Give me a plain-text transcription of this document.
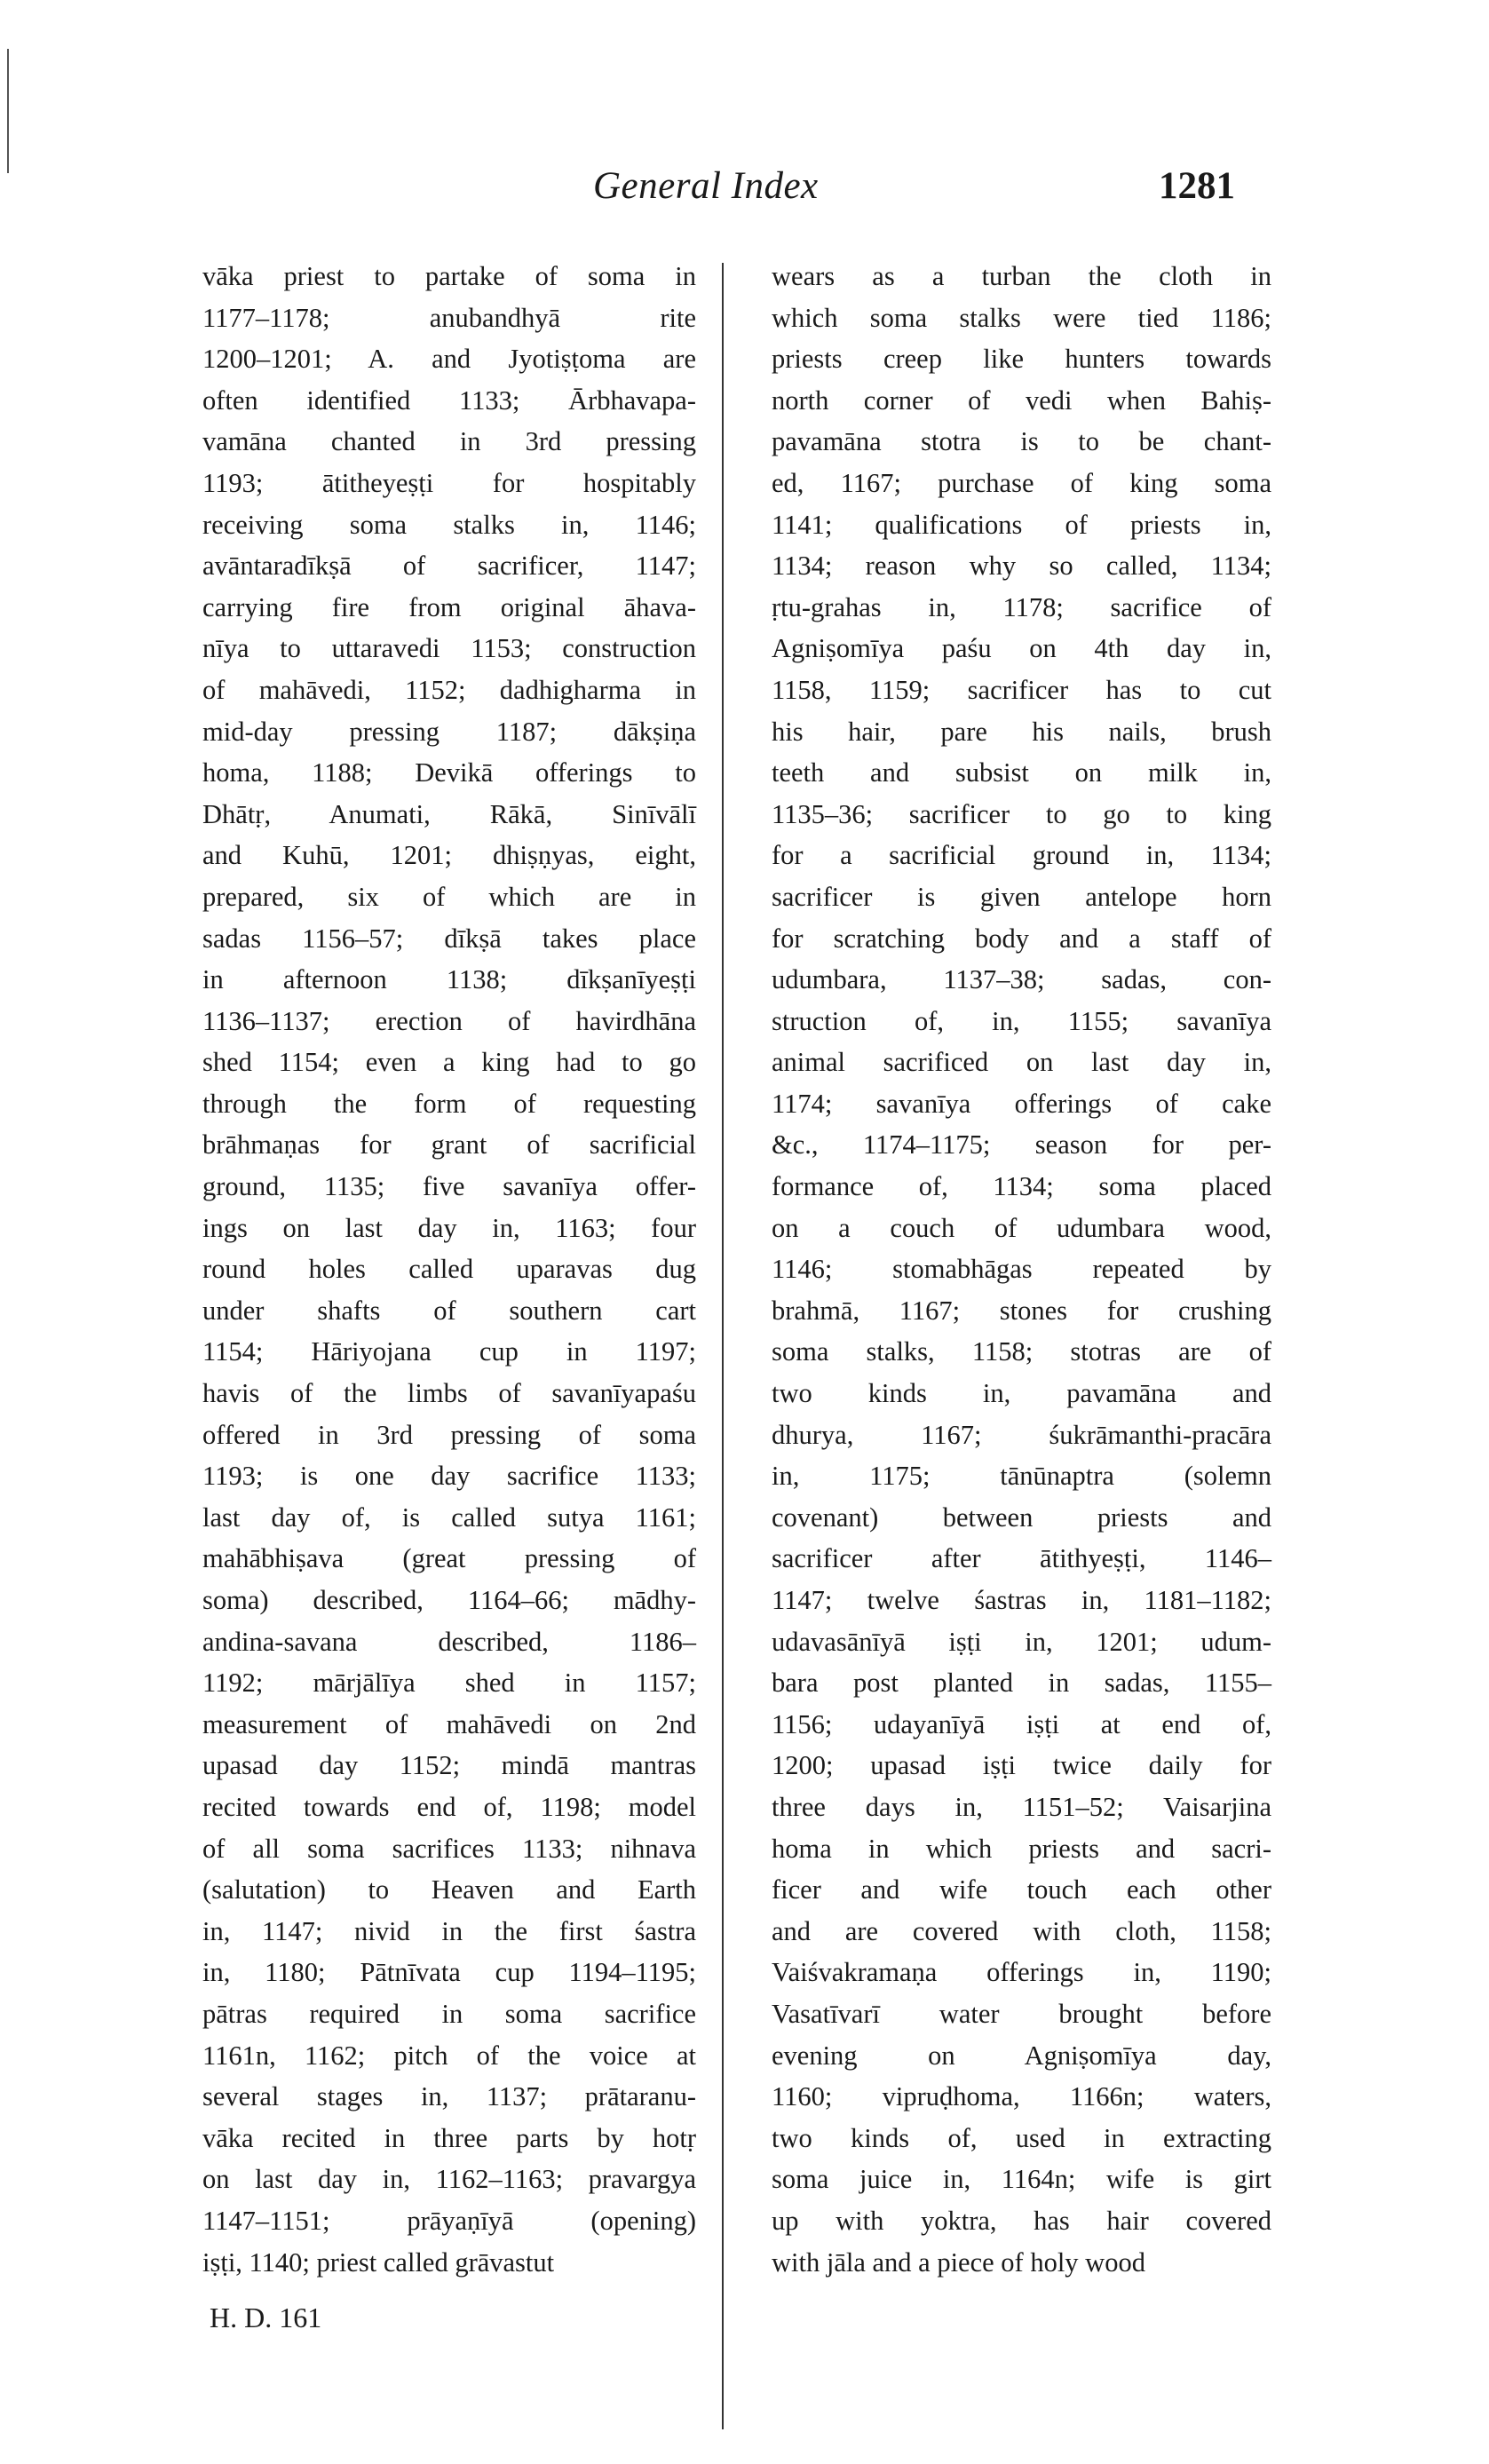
General Index	1281
vāka priest to partake of soma in
1177–1178; anubandhyā rite
1200–1201; A. and Jyotiṣṭoma are
often identified 1133; Ārbhavapa-
vamāna chanted in 3rd pressing
1193; ātitheyeṣṭi for hospitably
receiving soma stalks in, 1146;
avāntaradīkṣā of sacrificer, 1147;
carrying fire from original āhava-
nīya to uttaravedi 1153; construction
of mahāvedi, 1152; dadhigharma in
mid-day pressing 1187; dākṣiṇa
homa, 1188; Devikā offerings to
Dhātṛ, Anumati, Rākā, Sinīvālī
and Kuhū, 1201; dhiṣṇyas, eight,
prepared, six of which are in
sadas 1156–57; dīkṣā takes place
in afternoon 1138; dīkṣanīyeṣṭi
1136–1137; erection of havirdhāna
shed 1154; even a king had to go
through the form of requesting
brāhmaṇas for grant of sacrificial
ground, 1135; five savanīya offer-
ings on last day in, 1163; four
round holes called uparavas dug
under shafts of southern cart
1154; Hāriyojana cup in 1197;
havis of the limbs of savanīyapaśu
offered in 3rd pressing of soma
1193; is one day sacrifice 1133;
last day of, is called sutya 1161;
mahābhiṣava (great pressing of
soma) described, 1164–66; mādhy-
andina-savana described, 1186–
1192; mārjālīya shed in 1157;
measurement of mahāvedi on 2nd
upasad day 1152; mindā mantras
recited towards end of, 1198; model
of all soma sacrifices 1133; nihnava
(salutation) to Heaven and Earth
in, 1147; nivid in the first śastra
in, 1180; Pātnīvata cup 1194–1195;
pātras required in soma sacrifice
1161n, 1162; pitch of the voice at
several stages in, 1137; prātaranu-
vāka recited in three parts by hotṛ
on last day in, 1162–1163; pravargya
1147–1151; prāyaṇīyā (opening)
iṣṭi, 1140; priest called grāvastut
wears as a turban the cloth in
which soma stalks were tied 1186;
priests creep like hunters towards
north corner of vedi when Bahiṣ-
pavamāna stotra is to be chant-
ed, 1167; purchase of king soma
1141; qualifications of priests in,
1134; reason why so called, 1134;
ṛtu-grahas in, 1178; sacrifice of
Agniṣomīya paśu on 4th day in,
1158, 1159; sacrificer has to cut
his hair, pare his nails, brush
teeth and subsist on milk in,
1135–36; sacrificer to go to king
for a sacrificial ground in, 1134;
sacrificer is given antelope horn
for scratching body and a staff of
udumbara, 1137–38; sadas, con-
struction of, in, 1155; savanīya
animal sacrificed on last day in,
1174; savanīya offerings of cake
&c., 1174–1175; season for per-
formance of, 1134; soma placed
on a couch of udumbara wood,
1146; stomabhāgas repeated by
brahmā, 1167; stones for crushing
soma stalks, 1158; stotras are of
two kinds in, pavamāna and
dhurya, 1167; śukrāmanthi-pracāra
in, 1175; tānūnaptra (solemn
covenant) between priests and
sacrificer after ātithyeṣṭi, 1146–
1147; twelve śastras in, 1181–1182;
udavasānīyā iṣṭi in, 1201; udum-
bara post planted in sadas, 1155–
1156; udayanīyā iṣṭi at end of,
1200; upasad iṣṭi twice daily for
three days in, 1151–52; Vaisarjina
homa in which priests and sacri-
ficer and wife touch each other
and are covered with cloth, 1158;
Vaiśvakramaṇa offerings in, 1190;
Vasatīvarī water brought before
evening on Agniṣomīya day,
1160; vipruḍhoma, 1166n; waters,
two kinds of, used in extracting
soma juice in, 1164n; wife is girt
up with yoktra, has hair covered
with jāla and a piece of holy wood
H. D. 161
